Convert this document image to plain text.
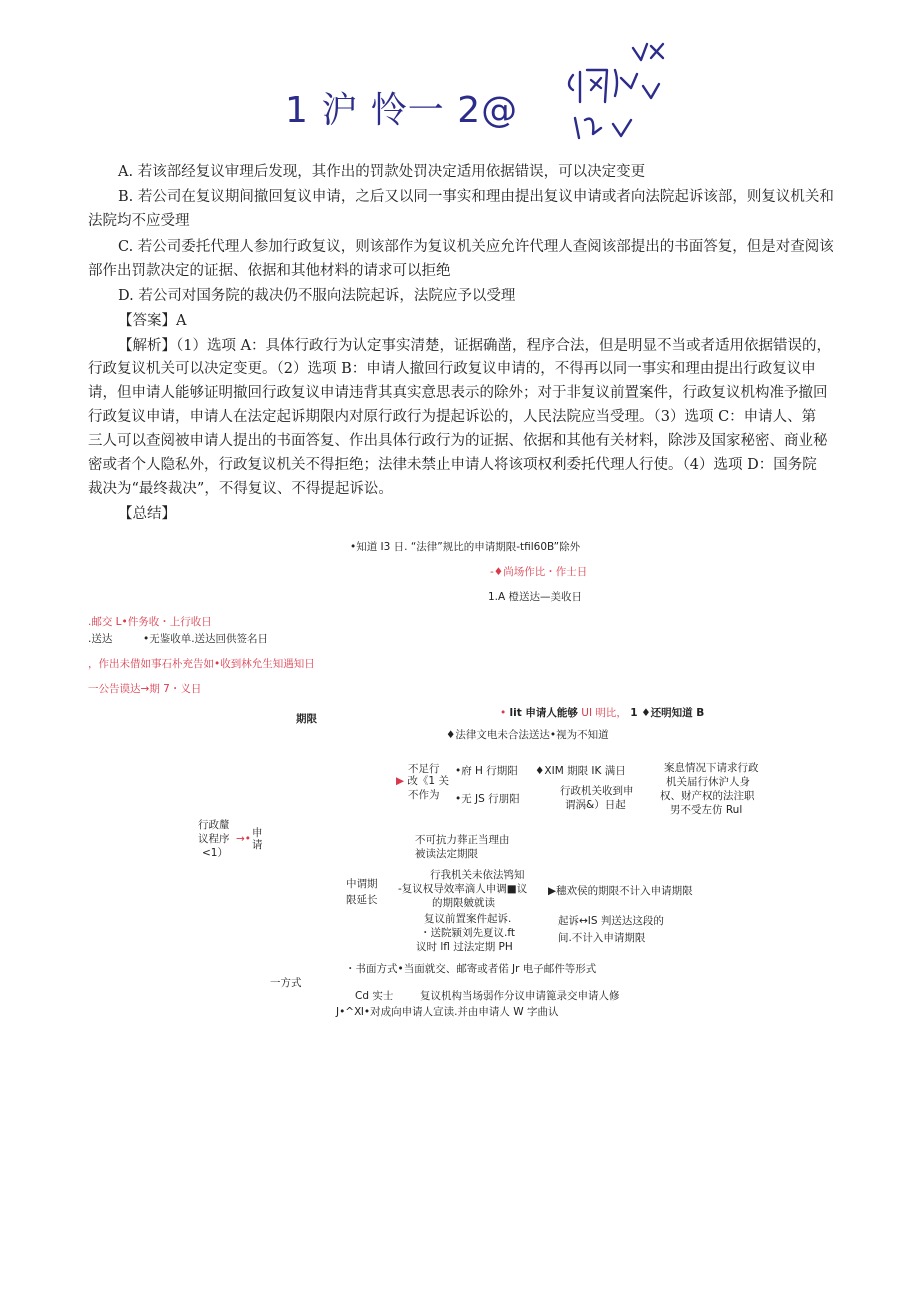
1 沪 怜一 2@
A. 若该部经复议审理后发现，其作出的罚款处罚决定适用依据错误，可以决定变更
B. 若公司在复议期间撤回复议申请，之后又以同一事实和理由提出复议申请或者向法院起诉该部，则复议机关和
法院均不应受理
C. 若公司委托代理人参加行政复议，则该部作为复议机关应允许代理人查阅该部提出的书面答复，但是对查阅该
部作出罚款决定的证据、依据和其他材料的请求可以拒绝
D. 若公司对国务院的裁决仍不服向法院起诉，法院应予以受理
【答案】A
【解析】（1）选项 A：具体行政行为认定事实清楚，证据确凿，程序合法，但是明显不当或者适用依据错误的，
行政复议机关可以决定变更。（2）选项 B：申请人撤回行政复议申请的，不得再以同一事实和理由提出行政复议申
请，但申请人能够证明撤回行政复议申请违背其真实意思表示的除外；对于非复议前置案件，行政复议机构准予撤回
行政复议申请，申请人在法定起诉期限内对原行政行为提起诉讼的，人民法院应当受理。（3）选项 C：申请人、第
三人可以查阅被申请人提出的书面答复、作出具体行政行为的证据、依据和其他有关材料，除涉及国家秘密、商业秘
密或者个人隐私外，行政复议机关不得拒绝；法律未禁止申请人将该项权利委托代理人行使。（4）选项 D：国务院
裁决为“最终裁决”，不得复议、不得提起诉讼。
【总结】
•知道 I3 日. “法律”规比的申请期限-tfil60B”除外
-♦尚场作比・作士日
1.A 橙送达—美收日
.邮交 L•件务收・上行收日
.送达	•无鉴收单.送达回供签名日
，作出未借如事石朴充告如•收到林允生知遇知日
一公告谟达→期 7・义日
期限	• lit 申请人能够 UI 明比， 1 ♦还明知道 B
♦法律文电未合法送达•视为不知道
不足行
▶ 改《1 关
不作为
•府 H 行期阳
•无 JS 行朋阳
♦XIM 期限 IK 满日
行政机关收到申
谓涡&）日起
案息情况下请求行政
机关届行休沪人身
权、财产权的法注职
男不受左仿 Rul
行政釐
议程序
<1）
→• 申
请	不可抗力葬正当理由
被读法定期限
中谓期
限延长
行我机关未依法鸨知
-复议权导效率滴人申调■议
的期限皴就读
▶穗欢侯的期限不计入申请期限
复议前置案件起诉.
・送院颍刘先夏议.ft
议时 lfl 过法定期 PH
起诉↔IS 判送达这段的
间.不计入申请期限
・书面方式•当面就交、邮寄或者偌 Jr 电子邮件等形式
一方式
Cd 实士	复议机构当场弱作分议申请篦录交申请人修
J•^Ⅺ•对成向申请人宣读.并由申请人 W 字曲认
